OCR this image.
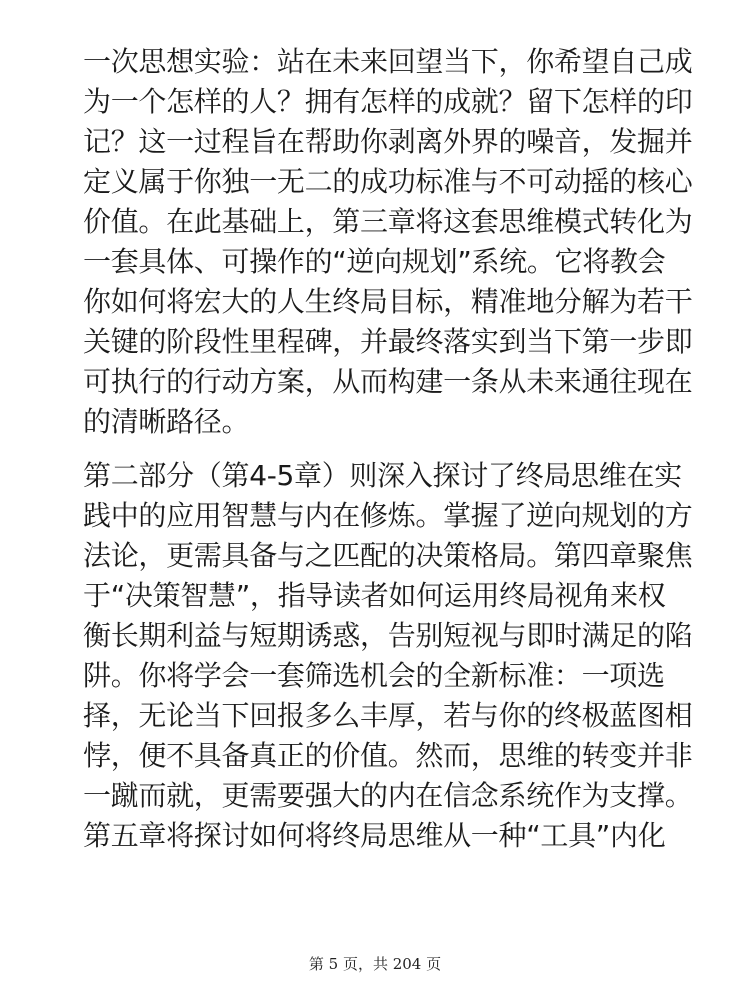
一次思想实验：站在未来回望当下，你希望自己成
为一个怎样的人？拥有怎样的成就？留下怎样的印
记？这一过程旨在帮助你剥离外界的噪音，发掘并
定义属于你独一无二的成功标准与不可动摇的核心
价值。在此基础上，第三章将这套思维模式转化为
一套具体、可操作的“逆向规划”系统。它将教会
你如何将宏大的人生终局目标，精准地分解为若干
关键的阶段性里程碑，并最终落实到当下第一步即
可执行的行动方案，从而构建一条从未来通往现在
的清晰路径。

第二部分（第4-5章）则深入探讨了终局思维在实
践中的应用智慧与内在修炼。掌握了逆向规划的方
法论，更需具备与之匹配的决策格局。第四章聚焦
于“决策智慧”，指导读者如何运用终局视角来权
衡长期利益与短期诱惑，告别短视与即时满足的陷
阱。你将学会一套筛选机会的全新标准：一项选
择，无论当下回报多么丰厚，若与你的终极蓝图相
悖，便不具备真正的价值。然而，思维的转变并非
一蹴而就，更需要强大的内在信念系统作为支撑。
第五章将探讨如何将终局思维从一种“工具”内化

第 5 页，共 204 页
